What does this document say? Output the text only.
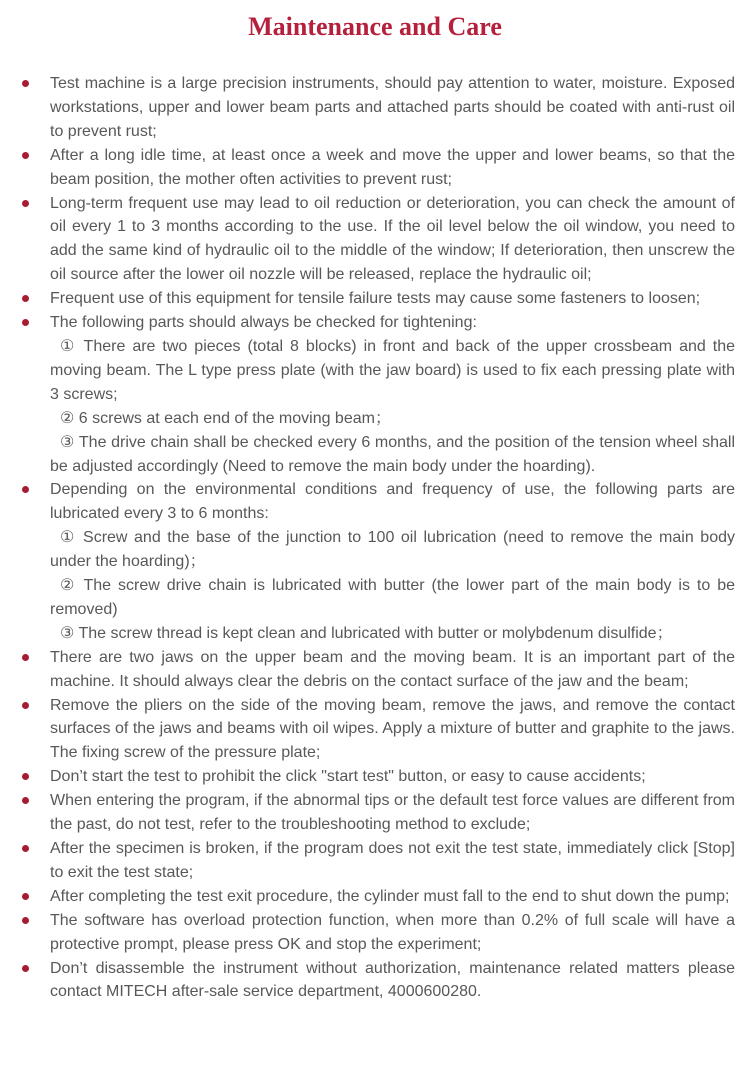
Maintenance and Care

Test machine is a large precision instruments, should pay attention to water, moisture. Exposed workstations, upper and lower beam parts and attached parts should be coated with anti-rust oil to prevent rust;

After a long idle time, at least once a week and move the upper and lower beams, so that the beam position, the mother often activities to prevent rust;

Long-term frequent use may lead to oil reduction or deterioration, you can check the amount of oil every 1 to 3 months according to the use. If the oil level below the oil window, you need to add the same kind of hydraulic oil to the middle of the window; If deterioration, then unscrew the oil source after the lower oil nozzle will be released, replace the hydraulic oil;

Frequent use of this equipment for tensile failure tests may cause some fasteners to loosen;

The following parts should always be checked for tightening:

① There are two pieces (total 8 blocks) in front and back of the upper crossbeam and the moving beam. The L type press plate (with the jaw board) is used to fix each pressing plate with 3 screws;

② 6 screws at each end of the moving beam；

③ The drive chain shall be checked every 6 months, and the position of the tension wheel shall be adjusted accordingly (Need to remove the main body under the hoarding).

Depending on the environmental conditions and frequency of use, the following parts are lubricated every 3 to 6 months:

① Screw and the base of the junction to 100 oil lubrication (need to remove the main body under the hoarding)；

② The screw drive chain is lubricated with butter (the lower part of the main body is to be removed)

③ The screw thread is kept clean and lubricated with butter or molybdenum disulfide；

There are two jaws on the upper beam and the moving beam. It is an important part of the machine. It should always clear the debris on the contact surface of the jaw and the beam;

Remove the pliers on the side of the moving beam, remove the jaws, and remove the contact surfaces of the jaws and beams with oil wipes. Apply a mixture of butter and graphite to the jaws. The fixing screw of the pressure plate;

Don’t start the test to prohibit the click "start test" button, or easy to cause accidents;

When entering the program, if the abnormal tips or the default test force values are different from the past, do not test, refer to the troubleshooting method to exclude;

After the specimen is broken, if the program does not exit the test state, immediately click [Stop] to exit the test state;

After completing the test exit procedure, the cylinder must fall to the end to shut down the pump;

The software has overload protection function, when more than 0.2% of full scale will have a protective prompt, please press OK and stop the experiment;

Don’t disassemble the instrument without authorization, maintenance related matters please contact MITECH after-sale service department, 4000600280.
